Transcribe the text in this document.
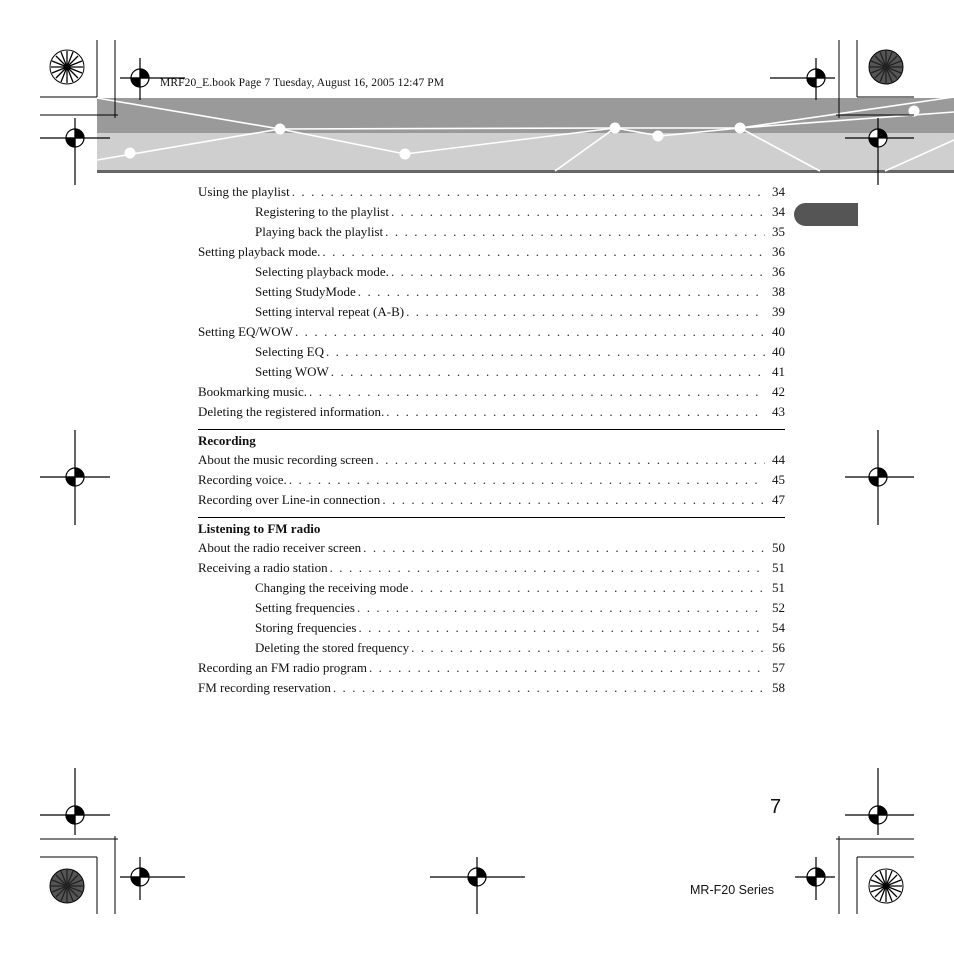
MRF20_E.book Page 7 Tuesday, August 16, 2005 12:47 PM
Using the playlist . . .	34
Registering to the playlist . . .	34
Playing back the playlist . . .	35
Setting playback mode. . . .	36
Selecting playback mode. . . .	36
Setting StudyMode . . .	38
Setting interval repeat (A-B) . . .	39
Setting EQ/WOW . . .	40
Selecting EQ . . .	40
Setting WOW . . .	41
Bookmarking music. . . .	42
Deleting the registered information. . . .	43
Recording
About the music recording screen . . .	44
Recording voice. . . .	45
Recording over Line-in connection . . .	47
Listening to FM radio
About the radio receiver screen . . .	50
Receiving a radio station . . .	51
Changing the receiving mode . . .	51
Setting frequencies . . .	52
Storing frequencies . . .	54
Deleting the stored frequency . . .	56
Recording an FM radio program . . .	57
FM recording reservation . . .	58
7
MR-F20 Series
